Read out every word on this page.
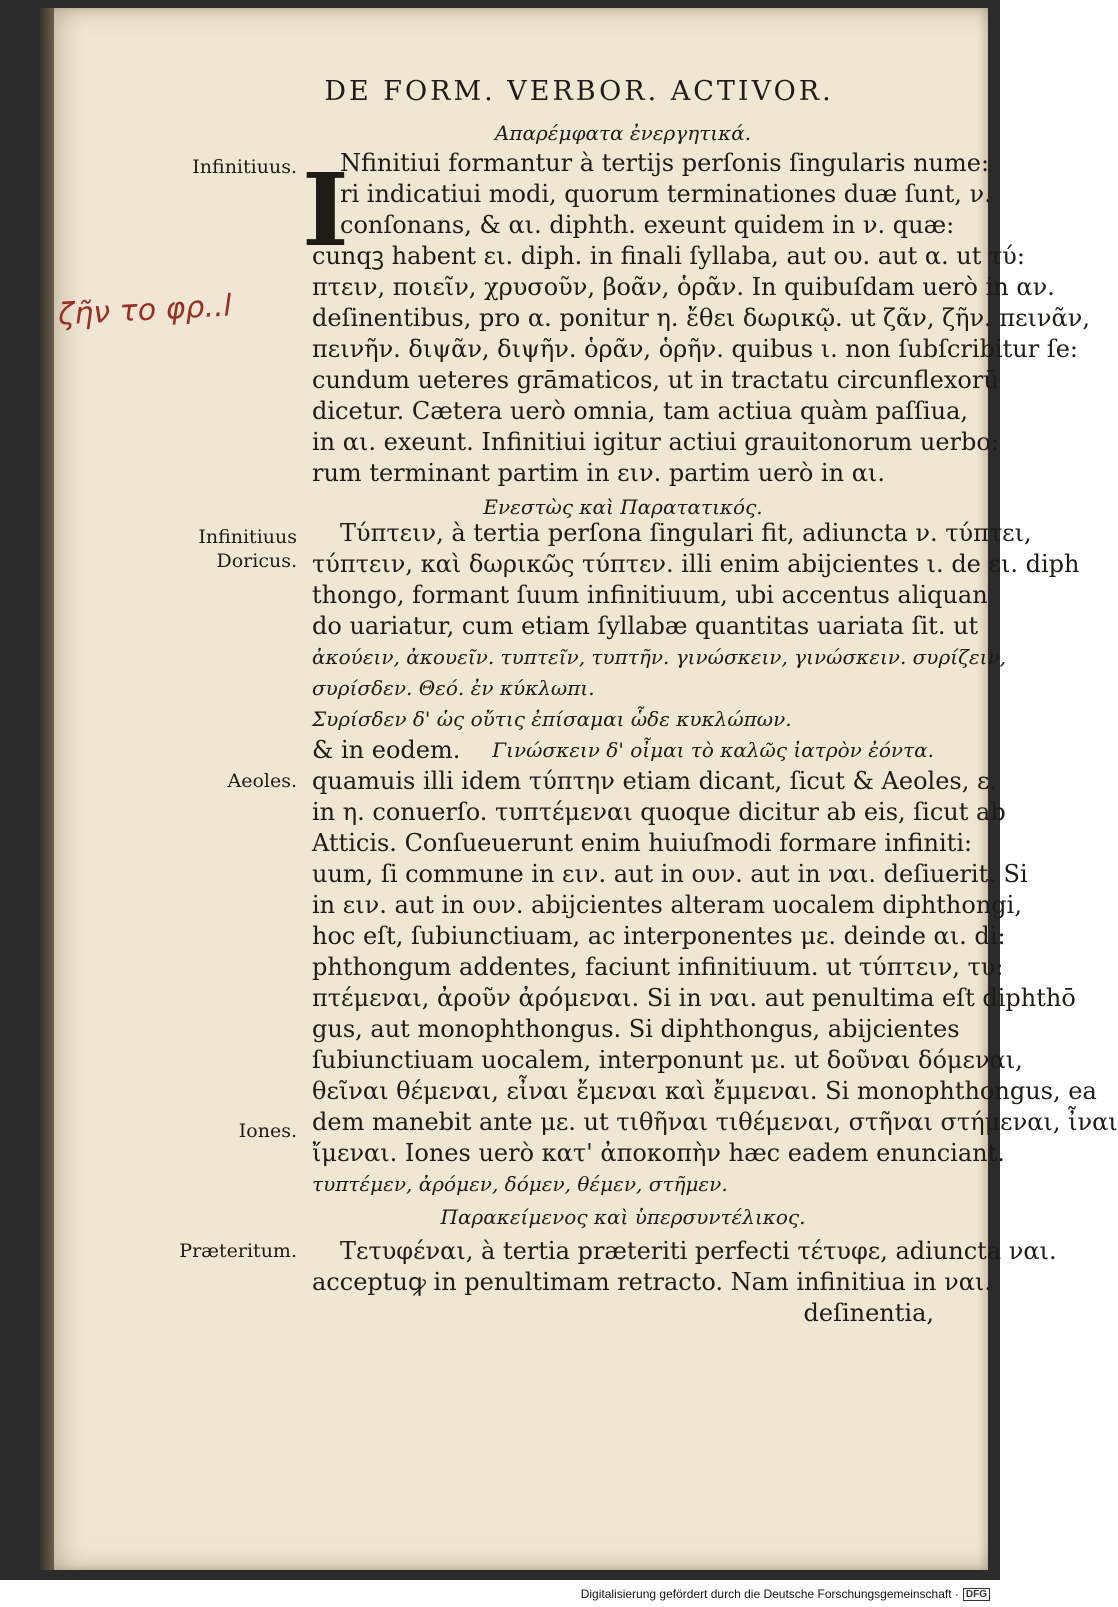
DE FORM. VERBOR. ACTIVOR.
Απαρέμφατα ἐνεργητικά.
I
Infinitiuus.
ζῆν το φρ..l
Nfinitiui formantur à tertijs perſonis ſingularis nume:
ri indicatiui modi, quorum terminationes duæ ſunt, ν.
conſonans, & αι. diphth. exeunt quidem in ν. quæ:
cunqꝫ habent ει. diph. in finali ſyllaba, aut ου. aut α. ut τύ:
πτειν, ποιεῖν, χρυσοῦν, βοᾶν, ὁρᾶν. In quibuſdam uerò in αν.
deſinentibus, pro α. ponitur η. ἔθει δωρικῷ. ut ζᾶν, ζῆν. πεινᾶν,
πεινῆν. διψᾶν, διψῆν. ὁρᾶν, ὁρῆν. quibus ι. non ſubſcribitur ſe:
cundum ueteres grāmaticos, ut in tractatu circunflexorū
dicetur. Cætera uerò omnia, tam actiua quàm paſſiua,
in αι. exeunt. Infinitiui igitur actiui grauitonorum uerbo:
rum terminant partim in ειν. partim uerò in αι.
Ενεστὼς καὶ Παρατατικός.
Infinitiuus
Doricus.
Τύπτειν, à tertia perſona ſingulari fit, adiuncta ν. τύπτει,
τύπτειν, καὶ δωρικῶς τύπτεν. illi enim abijcientes ι. de ει. diph
thongo, formant ſuum infinitiuum, ubi accentus aliquan
do uariatur, cum etiam ſyllabæ quantitas uariata ſit. ut
ἀκούειν, ἀκουεῖν. τυπτεῖν, τυπτῆν. γινώσκειν, γινώσκειν. συρίζειν,
συρίσδεν. Θεό. ἐν κύκλωπι.
Συρίσδεν δ' ὡς οὔτις ἐπίσαμαι ὧδε κυκλώπων.
& in eodem.	Γινώσκειν δ' οἶμαι τὸ καλῶς ἰατρὸν ἐόντα.
Aeoles. quamuis illi idem τύπτην etiam dicant, ſicut & Aeoles, ε.
in η. conuerſo. τυπτέμεναι quoque dicitur ab eis, ſicut ab
Atticis. Conſueuerunt enim huiuſmodi formare infiniti:
uum, ſi commune in ειν. aut in ουν. aut in ναι. deſiuerit. Si
in ειν. aut in ουν. abijcientes alteram uocalem diphthongi,
hoc eſt, ſubiunctiuam, ac interponentes με. deinde αι. di:
phthongum addentes, faciunt infinitiuum. ut τύπτειν, τυ:
πτέμεναι, ἀροῦν ἀρόμεναι. Si in ναι. aut penultima eſt diphthō
gus, aut monophthongus. Si diphthongus, abijcientes
ſubiunctiuam uocalem, interponunt με. ut δοῦναι δόμεναι,
θεῖναι θέμεναι, εἶναι ἔμεναι καὶ ἔμμεναι. Si monophthongus, ea
dem manebit ante με. ut τιθῆναι τιθέμεναι, στῆναι στήμεναι, ἶναι
Iones.
ἴμεναι. Iones uerò κατ' ἀποκοπὴν hæc eadem enunciant.
τυπτέμεν, ἀρόμεν, δόμεν, θέμεν, στῆμεν.
Παρακείμενος καὶ ὑπερσυντέλικος.
Præteritum. Τετυφέναι, à tertia præteriti perfecti τέτυφε, adiuncta ναι.
acceptuꝙ in penultimam retracto. Nam infinitiua in ναι.
deſinentia,
Digitalisierung gefördert durch die Deutsche Forschungsgemeinschaft · DFG
